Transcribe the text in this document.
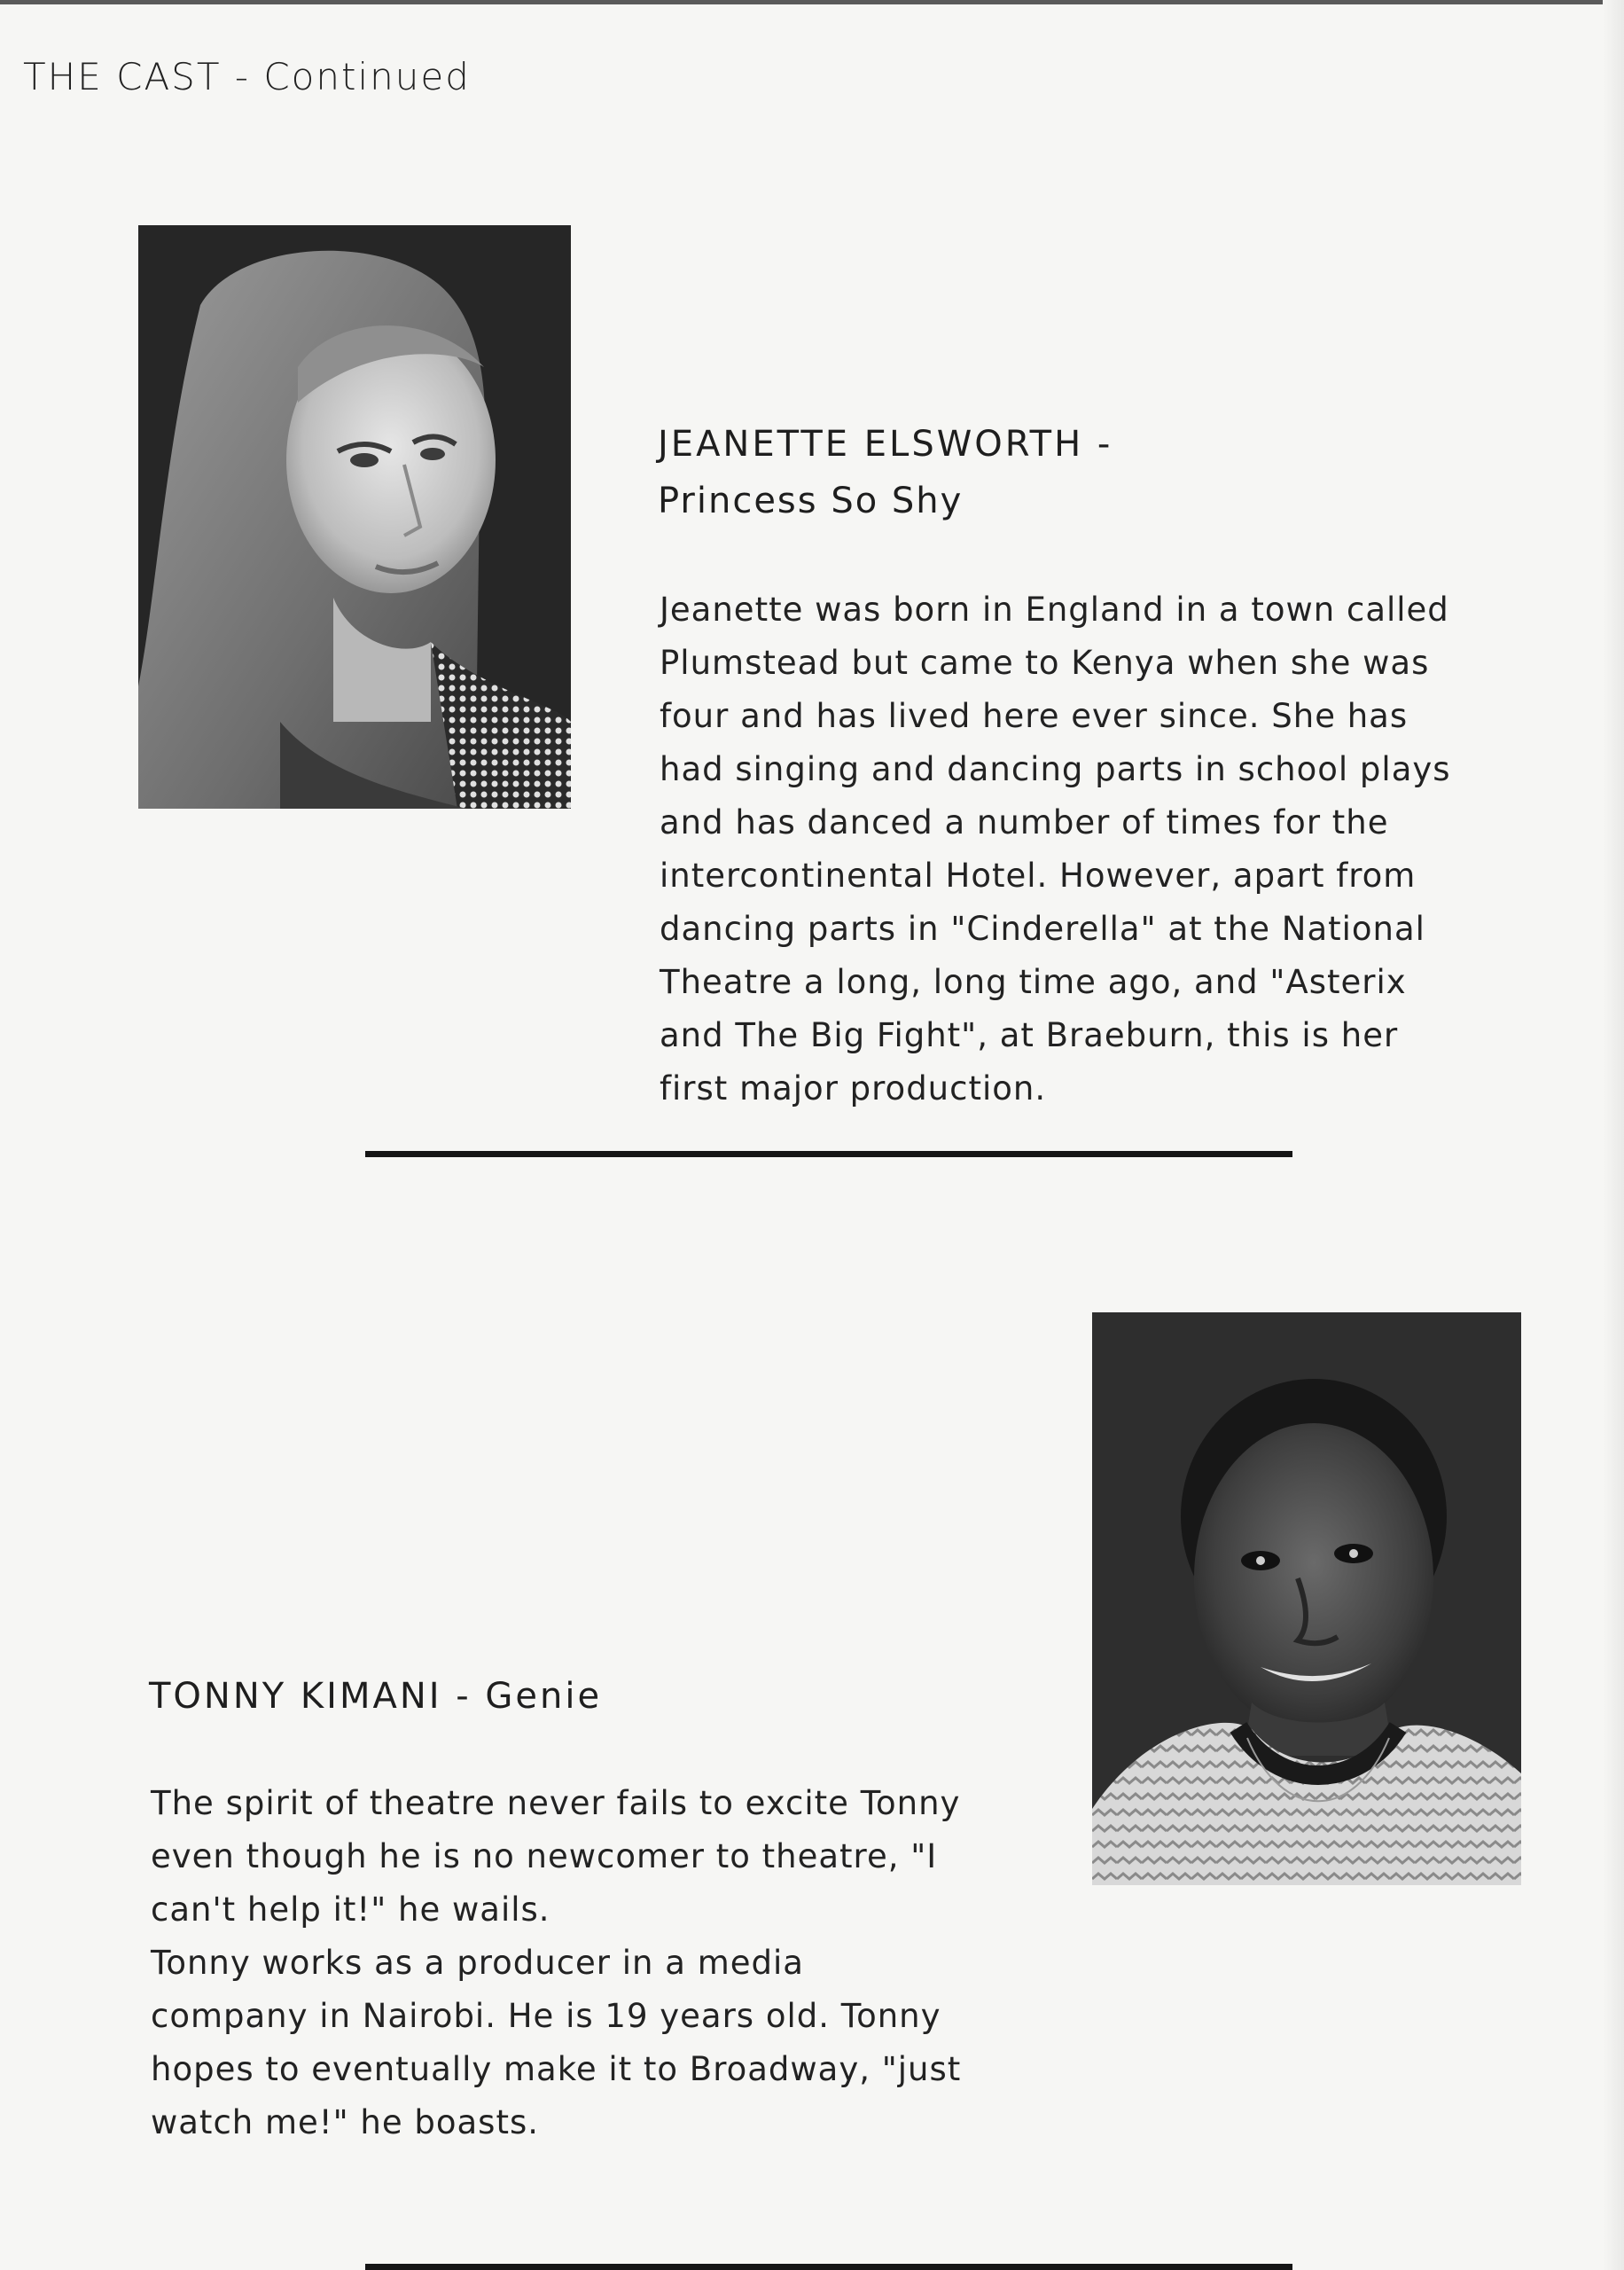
THE CAST - Continued
JEANETTE ELSWORTH -
Princess So Shy
Jeanette was born in England in a town called
Plumstead but came to Kenya when she was
four and has lived here ever since. She has
had singing and dancing parts in school plays
and has danced a number of times for the
intercontinental Hotel. However, apart from
dancing parts in "Cinderella" at the National
Theatre a long, long time ago, and "Asterix
and The Big Fight", at Braeburn, this is her
first major production.
TONNY KIMANI - Genie
The spirit of theatre never fails to excite Tonny
even though he is no newcomer to theatre, "I
can't help it!" he wails.
Tonny works as a producer in a media
company in Nairobi. He is 19 years old. Tonny
hopes to eventually make it to Broadway, "just
watch me!" he boasts.
